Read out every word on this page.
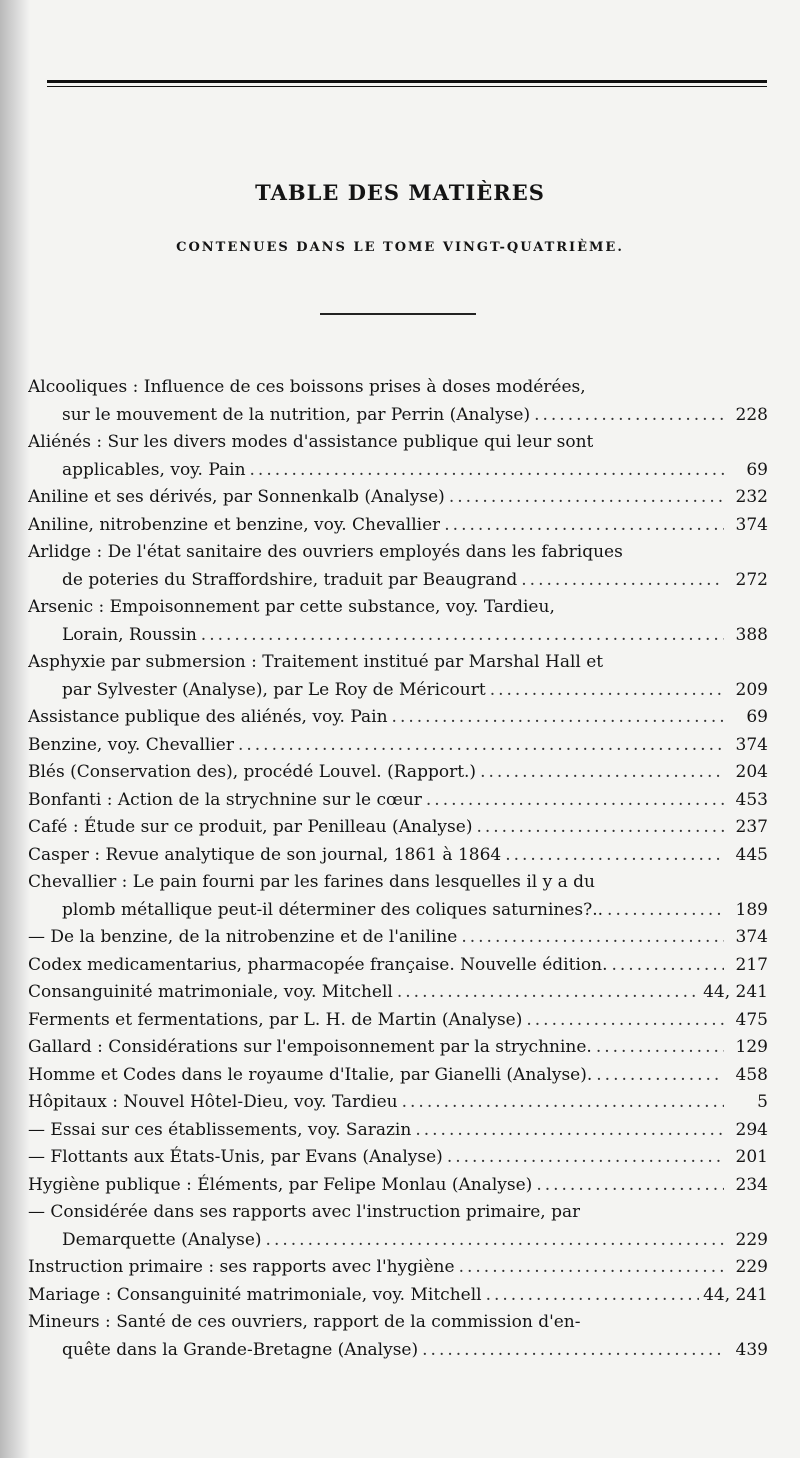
TABLE DES MATIÈRES
CONTENUES DANS LE TOME VINGT-QUATRIÈME.
Alcooliques : Influence de ces boissons prises à doses modérées,
sur le mouvement de la nutrition, par Perrin (Analyse) .....	228
Aliénés : Sur les divers modes d'assistance publique qui leur sont
applicables, voy. Pain .....	69
Aniline et ses dérivés, par Sonnenkalb (Analyse) .....	232
Aniline, nitrobenzine et benzine, voy. Chevallier .....	374
Arlidge : De l'état sanitaire des ouvriers employés dans les fabriques
de poteries du Straffordshire, traduit par Beaugrand .....	272
Arsenic : Empoisonnement par cette substance, voy. Tardieu,
Lorain, Roussin .....	388
Asphyxie par submersion : Traitement institué par Marshal Hall et
par Sylvester (Analyse), par Le Roy de Méricourt .....	209
Assistance publique des aliénés, voy. Pain .....	69
Benzine, voy. Chevallier .....	374
Blés (Conservation des), procédé Louvel. (Rapport.) .....	204
Bonfanti : Action de la strychnine sur le cœur .....	453
Café : Étude sur ce produit, par Penilleau (Analyse) .....	237
Casper : Revue analytique de son journal, 1861 à 1864 .....	445
Chevallier : Le pain fourni par les farines dans lesquelles il y a du
plomb métallique peut-il déterminer des coliques saturnines?.. .....	189
— De la benzine, de la nitrobenzine et de l'aniline .....	374
Codex medicamentarius, pharmacopée française. Nouvelle édition. .....	217
Consanguinité matrimoniale, voy. Mitchell .....	44, 241
Ferments et fermentations, par L. H. de Martin (Analyse) .....	475
Gallard : Considérations sur l'empoisonnement par la strychnine. .....	129
Homme et Codes dans le royaume d'Italie, par Gianelli (Analyse). .....	458
Hôpitaux : Nouvel Hôtel-Dieu, voy. Tardieu .....	5
— Essai sur ces établissements, voy. Sarazin .....	294
— Flottants aux États-Unis, par Evans (Analyse) .....	201
Hygiène publique : Éléments, par Felipe Monlau (Analyse) .....	234
— Considérée dans ses rapports avec l'instruction primaire, par
Demarquette (Analyse) .....	229
Instruction primaire : ses rapports avec l'hygiène .....	229
Mariage : Consanguinité matrimoniale, voy. Mitchell .....	44, 241
Mineurs : Santé de ces ouvriers, rapport de la commission d'en-
quête dans la Grande-Bretagne (Analyse) .....	439
